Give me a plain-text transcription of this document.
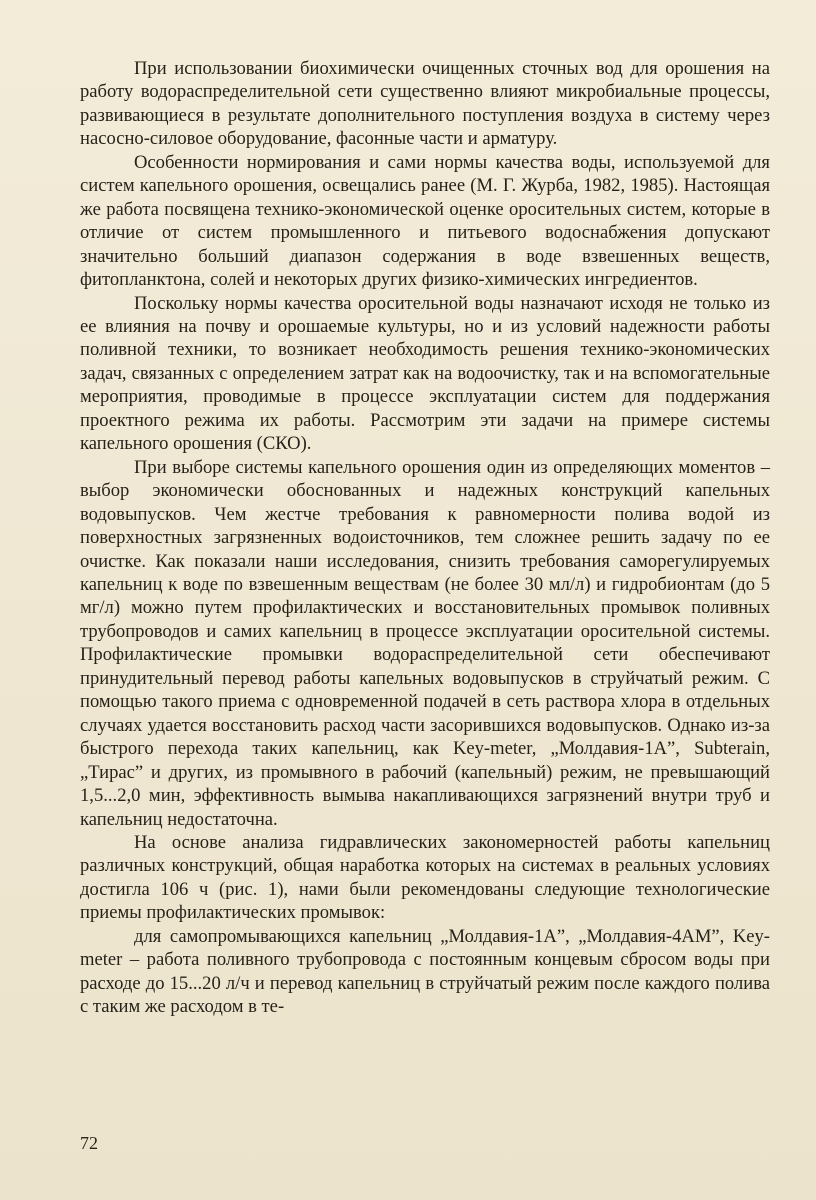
При использовании биохимически очищенных сточных вод для орошения на работу водораспределительной сети существенно влияют микробиальные процессы, развивающиеся в результате дополнительного поступления воздуха в систему через насосно-силовое оборудование, фасонные части и арматуру.

Особенности нормирования и сами нормы качества воды, используемой для систем капельного орошения, освещались ранее (М. Г. Журба, 1982, 1985). Настоящая же работа посвящена технико-экономической оценке оросительных систем, которые в отличие от систем промышленного и питьевого водоснабжения допускают значительно больший диапазон содержания в воде взвешенных веществ, фитопланктона, солей и некоторых других физико-химических ингредиентов.

Поскольку нормы качества оросительной воды назначают исходя не только из ее влияния на почву и орошаемые культуры, но и из условий надежности работы поливной техники, то возникает необходимость решения технико-экономических задач, связанных с определением затрат как на водоочистку, так и на вспомогательные мероприятия, проводимые в процессе эксплуатации систем для поддержания проектного режима их работы. Рассмотрим эти задачи на примере системы капельного орошения (СКО).

При выборе системы капельного орошения один из определяющих моментов – выбор экономически обоснованных и надежных конструкций капельных водовыпусков. Чем жестче требования к равномерности полива водой из поверхностных загрязненных водоисточников, тем сложнее решить задачу по ее очистке. Как показали наши исследования, снизить требования саморегулируемых капельниц к воде по взвешенным веществам (не более 30 мл/л) и гидробионтам (до 5 мг/л) можно путем профилактических и восстановительных промывок поливных трубопроводов и самих капельниц в процессе эксплуатации оросительной системы. Профилактические промывки водораспределительной сети обеспечивают принудительный перевод работы капельных водовыпусков в струйчатый режим. С помощью такого приема с одновременной подачей в сеть раствора хлора в отдельных случаях удается восстановить расход части засорившихся водовыпусков. Однако из-за быстрого перехода таких капельниц, как Key-meter, „Молдавия-1А”, Subterain, „Тирас” и других, из промывного в рабочий (капельный) режим, не превышающий 1,5...2,0 мин, эффективность вымыва накапливающихся загрязнений внутри труб и капельниц недостаточна.

На основе анализа гидравлических закономерностей работы капельниц различных конструкций, общая наработка которых на системах в реальных условиях достигла 106 ч (рис. 1), нами были рекомендованы следующие технологические приемы профилактических промывок:

для самопромывающихся капельниц „Молдавия-1А”, „Молдавия-4АМ”, Key-meter – работа поливного трубопровода с постоянным концевым сбросом воды при расходе до 15...20 л/ч и перевод капельниц в струйчатый режим после каждого полива с таким же расходом в те-

72
